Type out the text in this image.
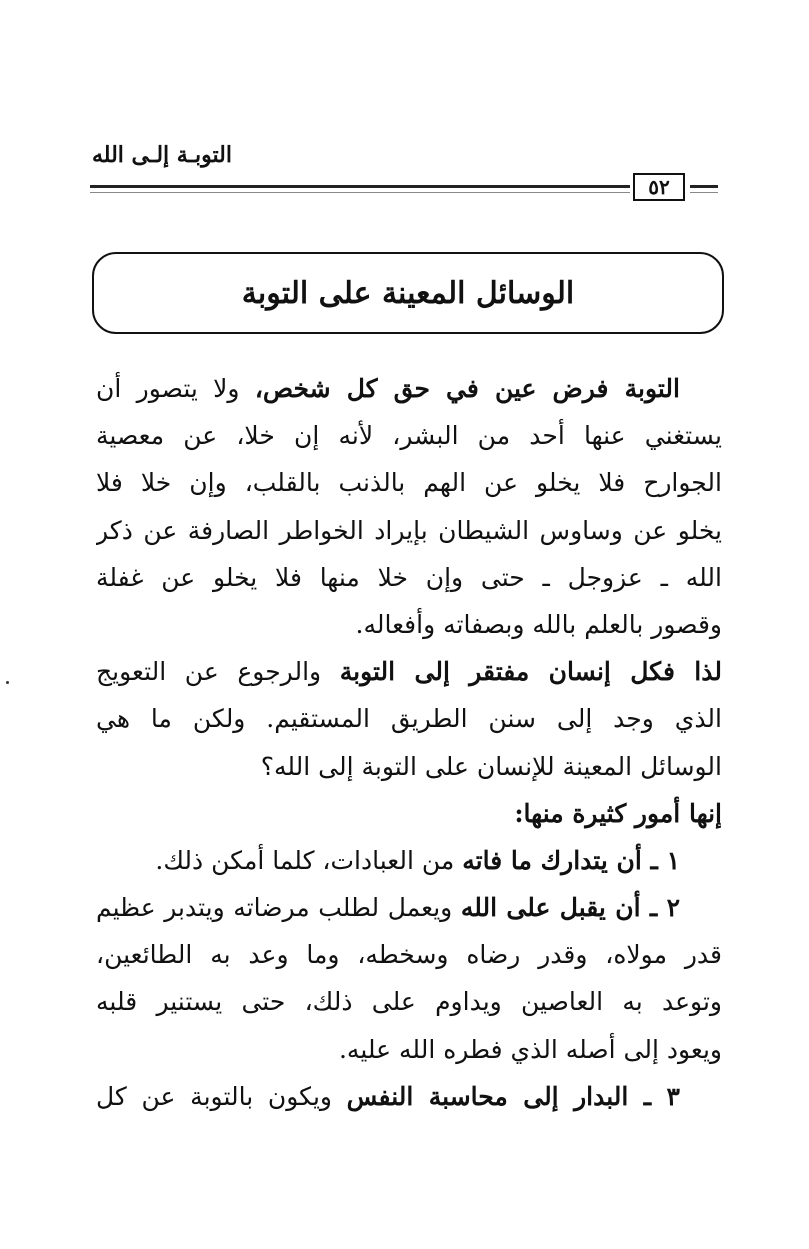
التوبـة إلـى الله
٥٢
الوسائل المعينة على التوبة
التوبة فرض عين في حق كل شخص، ولا يتصور أن
يستغني عنها أحد من البشر، لأنه إن خلا، عن معصية
الجوارح فلا يخلو عن الهم بالذنب بالقلب، وإن خلا فلا
يخلو عن وساوس الشيطان بإيراد الخواطر الصارفة عن ذكر
الله ـ عزوجل ـ حتى وإن خلا منها فلا يخلو عن غفلة
وقصور بالعلم بالله وبصفاته وأفعاله.
لذا فكل إنسان مفتقر إلى التوبة والرجوع عن التعويج
الذي وجد إلى سنن الطريق المستقيم. ولكن ما هي
الوسائل المعينة للإنسان على التوبة إلى الله؟
إنها أمور كثيرة منها:
١ ـ أن يتدارك ما فاته من العبادات، كلما أمكن ذلك.
٢ ـ أن يقبل على الله ويعمل لطلب مرضاته ويتدبر عظيم
قدر مولاه، وقدر رضاه وسخطه، وما وعد به الطائعين،
وتوعد به العاصين ويداوم على ذلك، حتى يستنير قلبه
ويعود إلى أصله الذي فطره الله عليه.
٣ ـ البدار إلى محاسبة النفس ويكون بالتوبة عن كل
